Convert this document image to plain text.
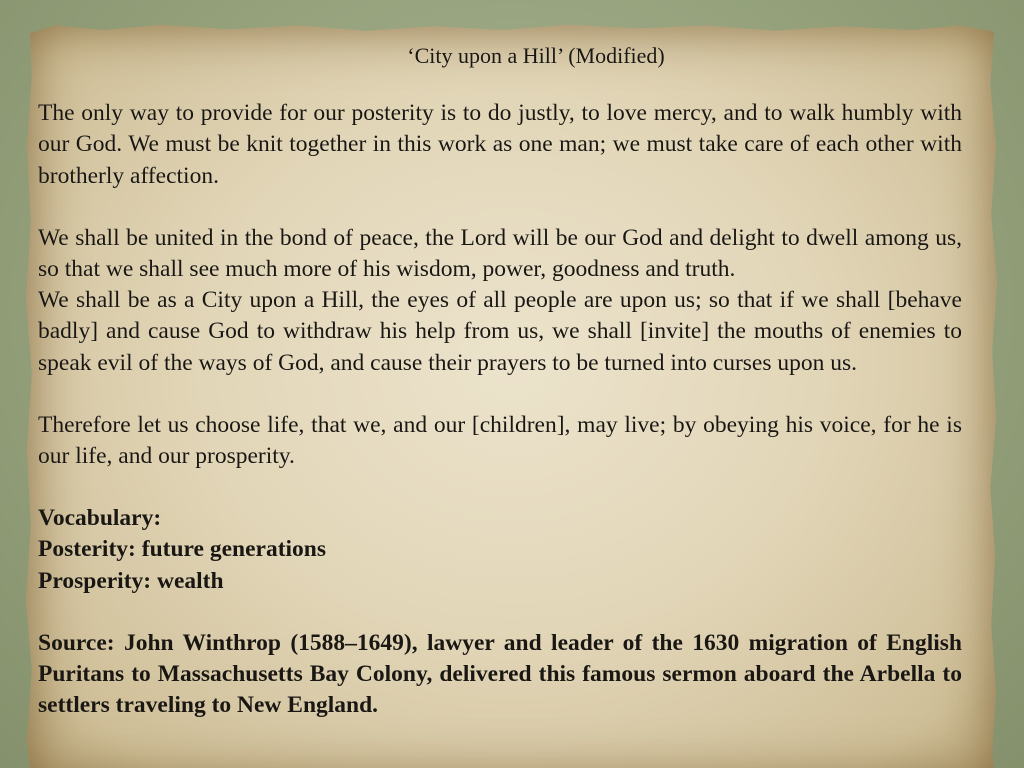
‘City upon a Hill’ (Modified)

The only way to provide for our posterity is to do justly, to love mercy, and to walk humbly with our God. We must be knit together in this work as one man; we must take care of each other with brotherly affection.

We shall be united in the bond of peace, the Lord will be our God and delight to dwell among us, so that we shall see much more of his wisdom, power, goodness and truth.

We shall be as a City upon a Hill, the eyes of all people are upon us; so that if we shall [behave badly] and cause God to withdraw his help from us, we shall [invite] the mouths of enemies to speak evil of the ways of God, and cause their prayers to be turned into curses upon us.

Therefore let us choose life, that we, and our [children], may live; by obeying his voice, for he is our life, and our prosperity.

Vocabulary:
Posterity: future generations
Prosperity: wealth

Source: John Winthrop (1588–1649), lawyer and leader of the 1630 migration of English Puritans to Massachusetts Bay Colony, delivered this famous sermon aboard the Arbella to settlers traveling to New England.
